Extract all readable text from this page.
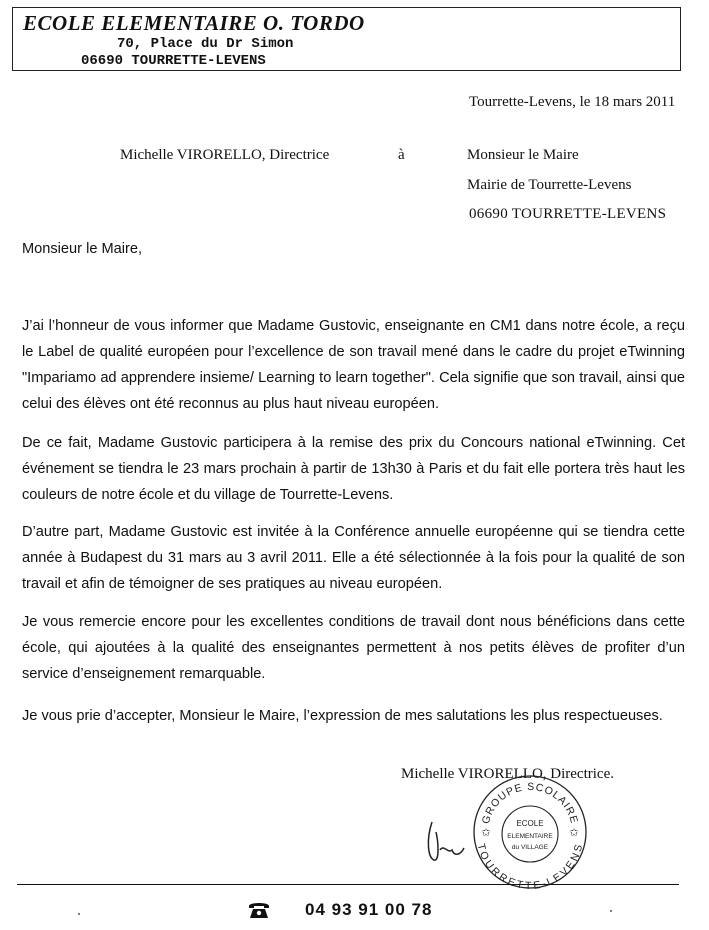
ECOLE ELEMENTAIRE O. TORDO
70, Place du Dr Simon
06690 TOURRETTE-LEVENS
Tourrette-Levens, le 18 mars 2011
Michelle VIRORELLO, Directrice	à	Monsieur le Maire
Mairie de Tourrette-Levens
06690 TOURRETTE-LEVENS
Monsieur le Maire,

J’ai l’honneur de vous informer que Madame Gustovic, enseignante en CM1 dans notre école, a reçu le Label de qualité européen pour l’excellence de son travail mené dans le cadre du projet eTwinning "Impariamo ad apprendere insieme/ Learning to learn together". Cela signifie que son travail, ainsi que celui des élèves ont été reconnus au plus haut niveau européen.

De ce fait, Madame Gustovic participera à la remise des prix du Concours national eTwinning. Cet événement se tiendra le 23 mars prochain à partir de 13h30 à Paris et du fait elle portera très haut les couleurs de notre école et du village de Tourrette-Levens.

D’autre part, Madame Gustovic est invitée à la Conférence annuelle européenne qui se tiendra cette année à Budapest du 31 mars au 3 avril 2011. Elle a été sélectionnée à la fois pour la qualité de son travail et afin de témoigner de ses pratiques au niveau européen.

Je vous remercie encore pour les excellentes conditions de travail dont nous bénéficions dans cette école, qui ajoutées à la qualité des enseignantes permettent à nos petits élèves de profiter d’un service d’enseignement remarquable.

Je vous prie d’accepter, Monsieur le Maire, l’expression de mes salutations les plus respectueuses.

Michelle VIRORELLO, Directrice.
GROUPE SCOLAIRE
TOURRETTE-LEVENS
ECOLE
ELEMENTAIRE
du VILLAGE
✩	✩
04 93 91 00 78
